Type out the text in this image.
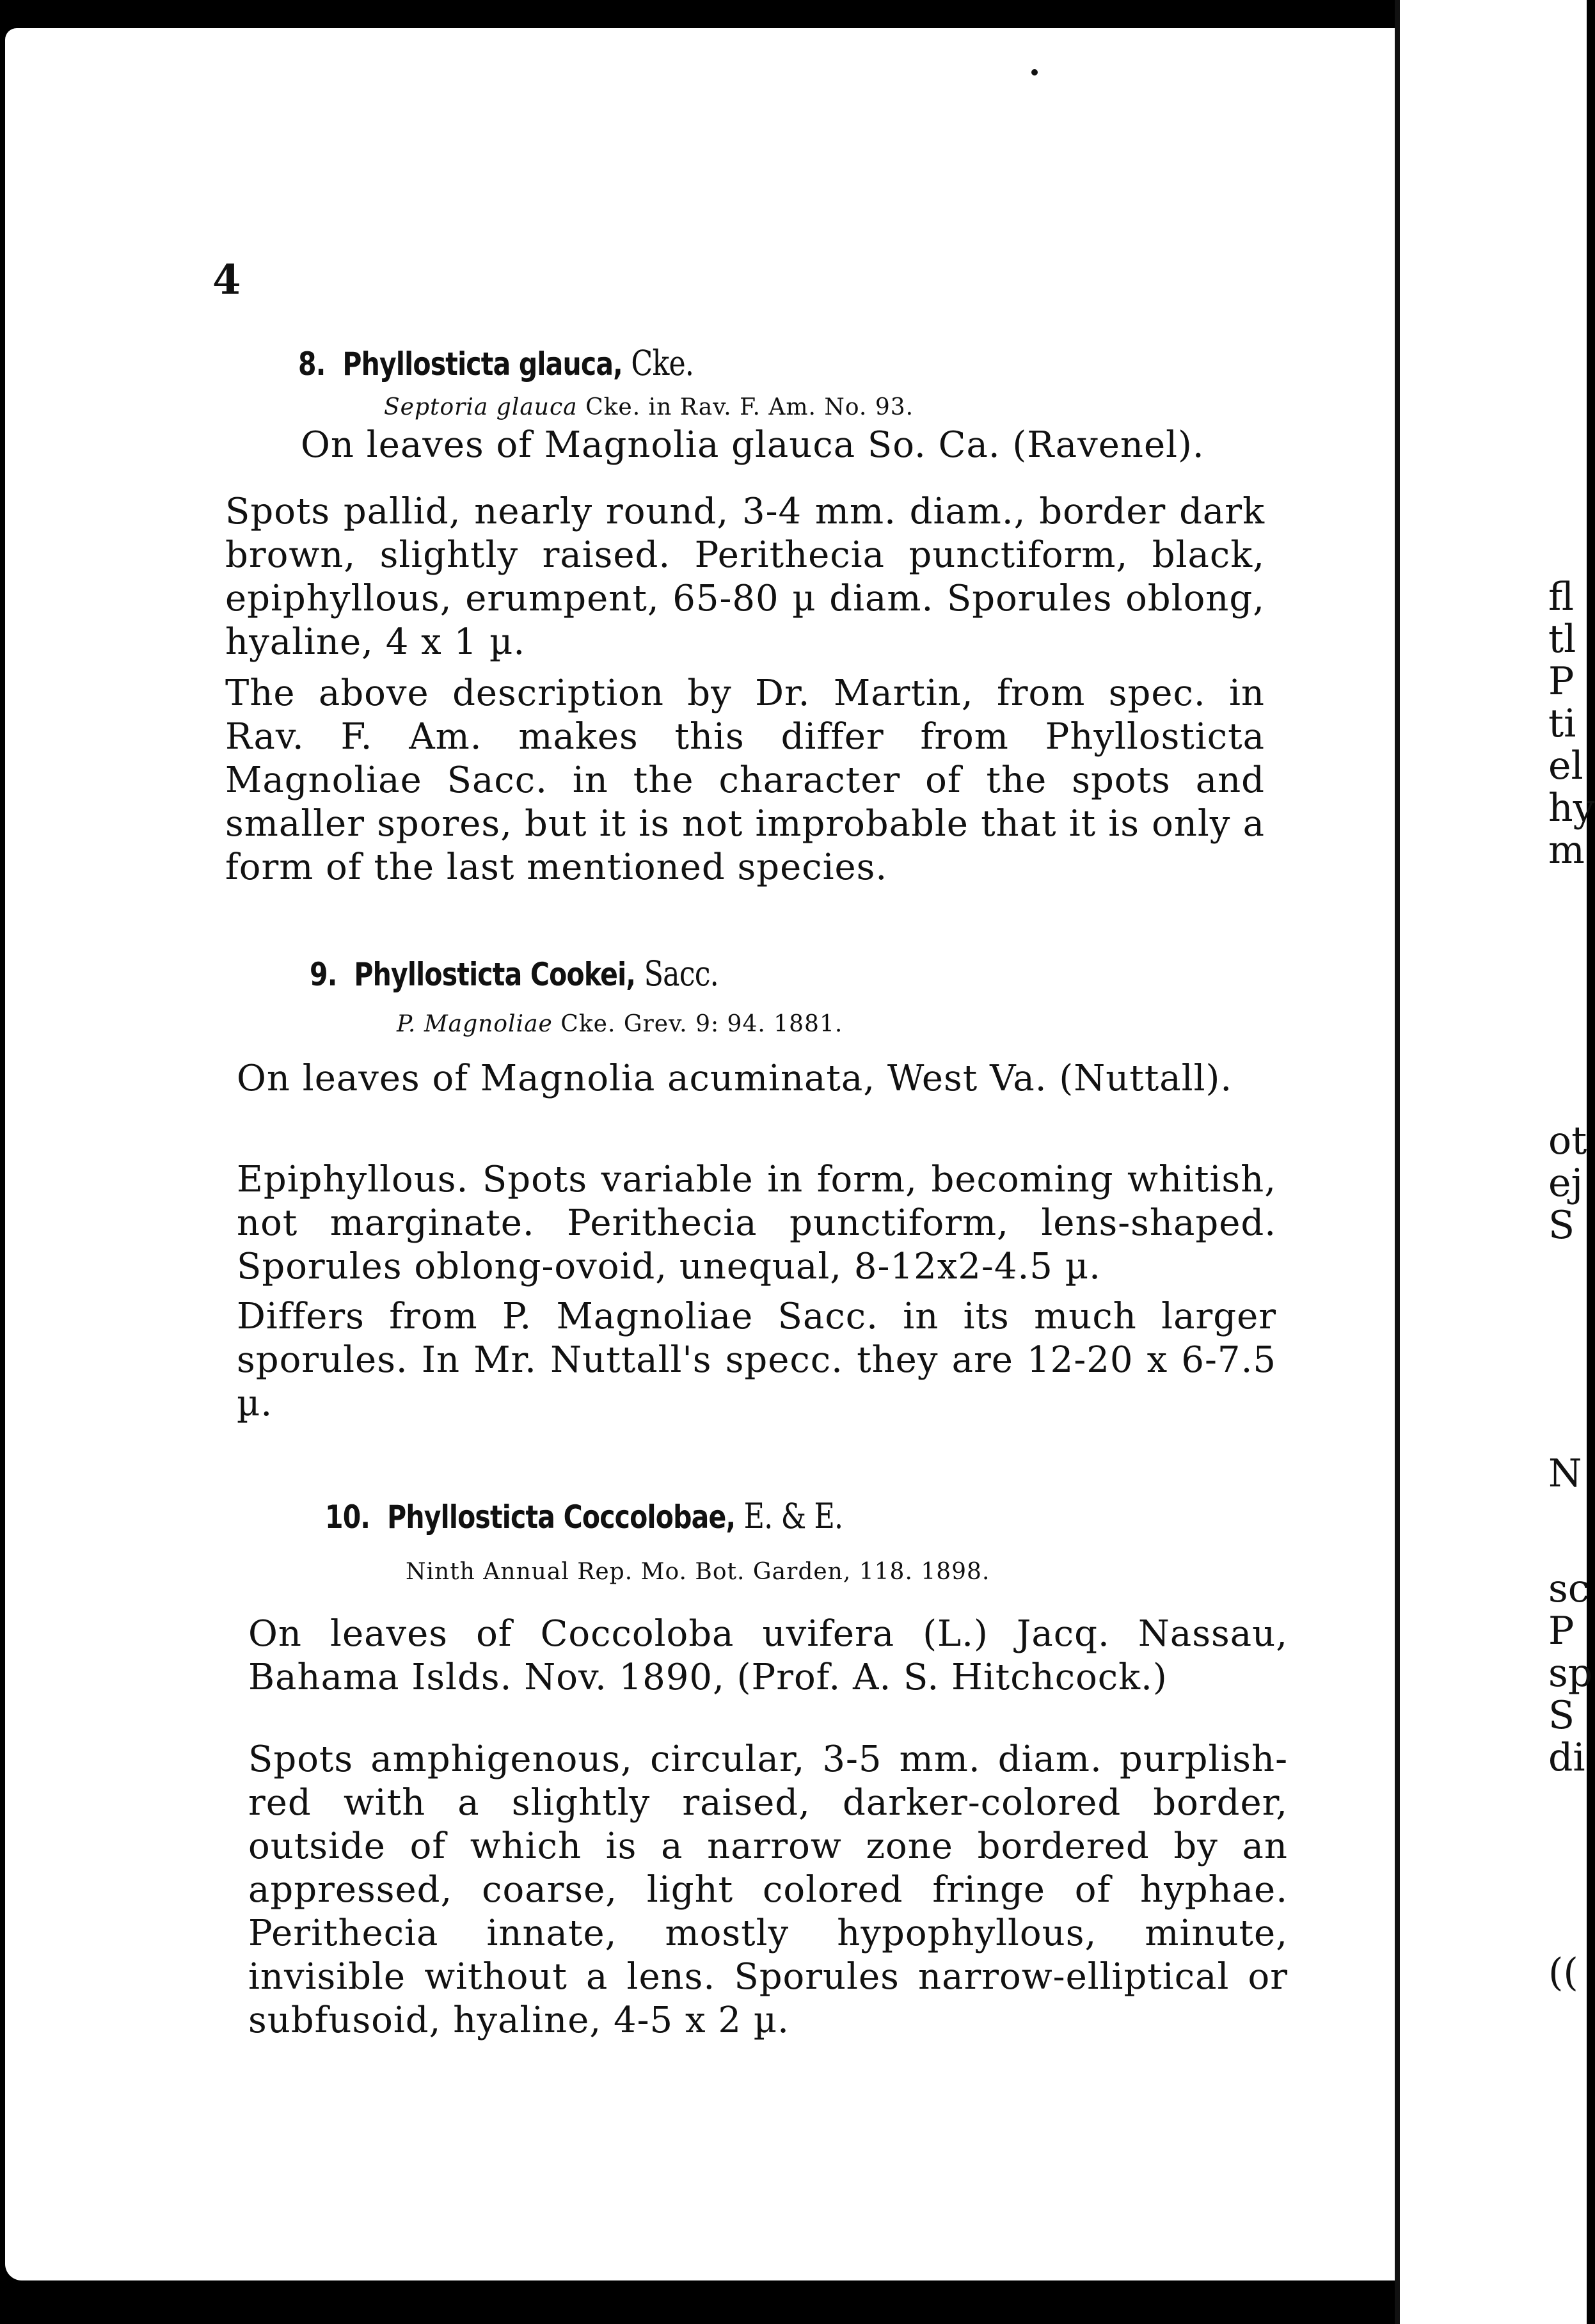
4
8. Phyllosticta glauca, Cke.
Septoria glauca Cke. in Rav. F. Am. No. 93.
On leaves of Magnolia glauca So. Ca. (Ravenel).
Spots pallid, nearly round, 3-4 mm. diam., border dark brown, slightly raised. Perithecia punctiform, black, epiphyllous, erumpent, 65-80 µ diam. Sporules oblong, hyaline, 4 x 1 µ.
The above description by Dr. Martin, from spec. in Rav. F. Am. makes this differ from Phyllosticta Magnoliae Sacc. in the character of the spots and smaller spores, but it is not improbable that it is only a form of the last mentioned species.
9. Phyllosticta Cookei, Sacc.
P. Magnoliae Cke. Grev. 9: 94. 1881.
On leaves of Magnolia acuminata, West Va. (Nuttall).
Epiphyllous. Spots variable in form, becoming whitish, not marginate. Perithecia punctiform, lens-shaped. Sporules oblong-ovoid, unequal, 8-12x2-4.5 µ.
Differs from P. Magnoliae Sacc. in its much larger sporules. In Mr. Nuttall's specc. they are 12-20 x 6-7.5 µ.
10. Phyllosticta Coccolobae, E. & E.
Ninth Annual Rep. Mo. Bot. Garden, 118. 1898.
On leaves of Coccoloba uvifera (L.) Jacq. Nassau, Bahama Islds. Nov. 1890, (Prof. A. S. Hitchcock.)
Spots amphigenous, circular, 3-5 mm. diam. purplish-red with a slightly raised, darker-colored border, outside of which is a narrow zone bordered by an appressed, coarse, light colored fringe of hyphae. Perithecia innate, mostly hypophyllous, minute, invisible without a lens. Sporules narrow-elliptical or subfusoid, hyaline, 4-5 x 2 µ.
fl
tl
P
ti
el
hy
m
ot
ej
S
N
sc
P
sp
S
di
((
